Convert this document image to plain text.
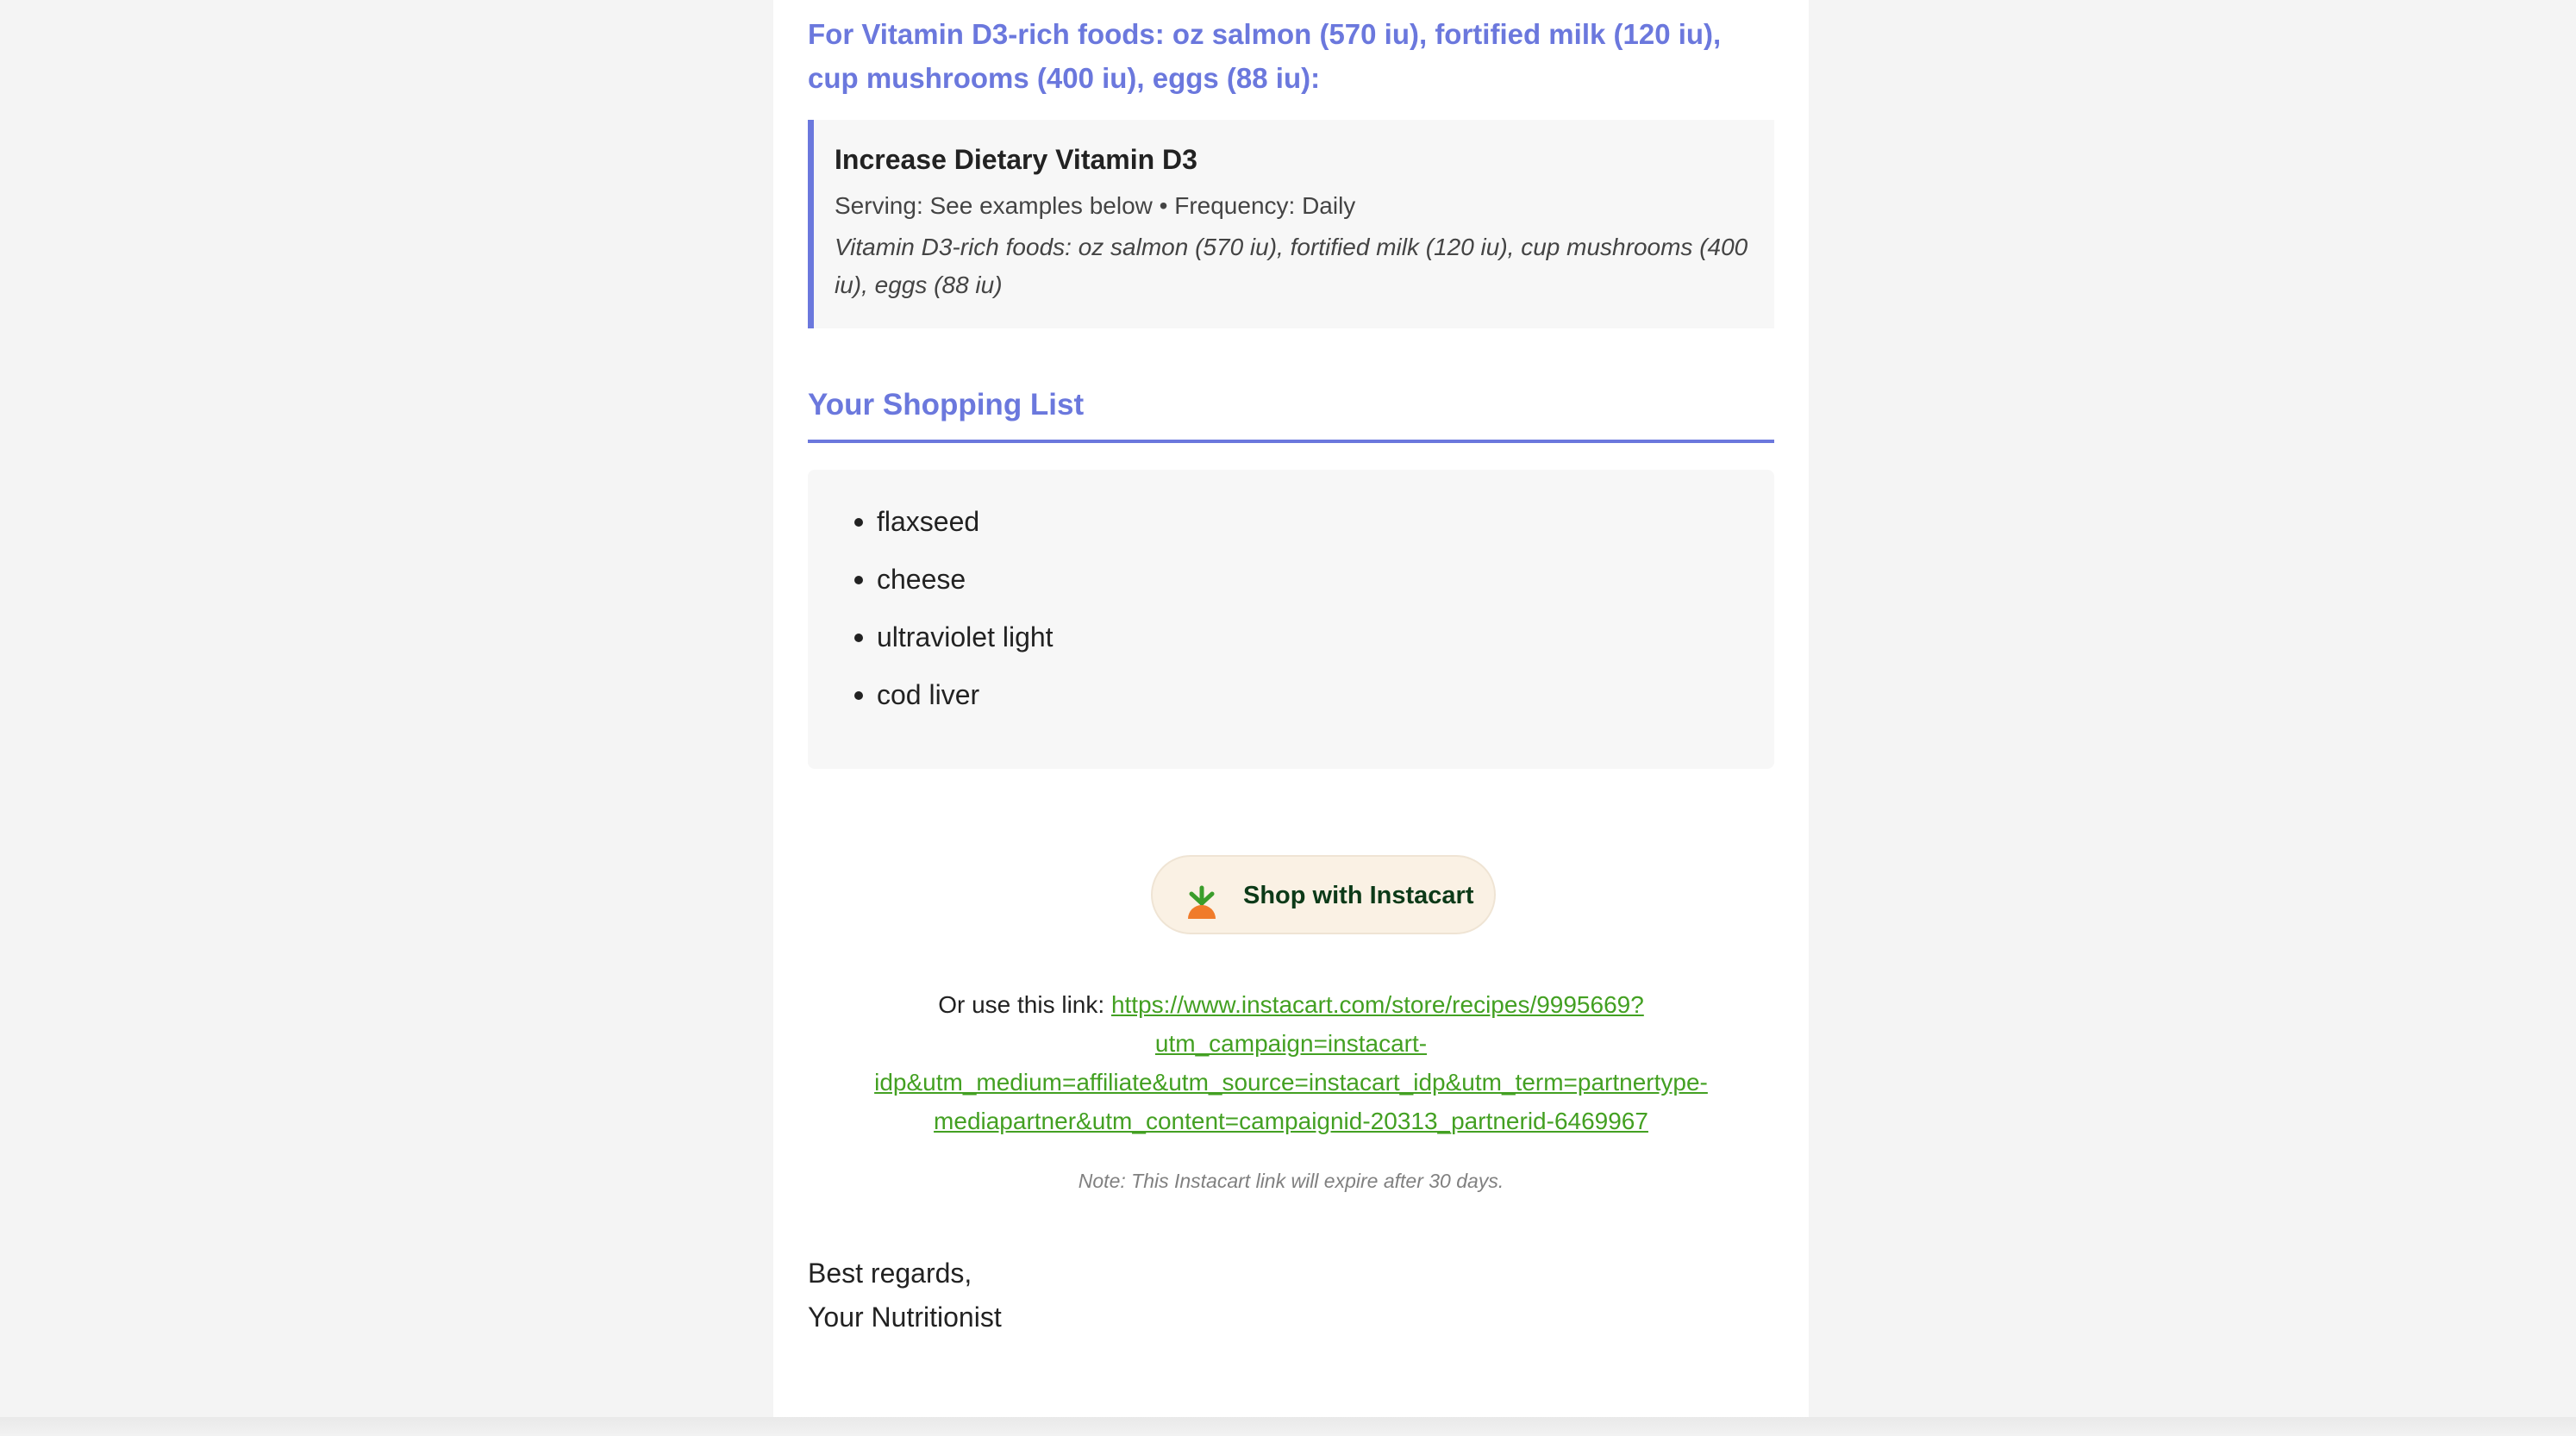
For Vitamin D3-rich foods: oz salmon (570 iu), fortified milk (120 iu), cup mushrooms (400 iu), eggs (88 iu):
Increase Dietary Vitamin D3
Serving: See examples below • Frequency: Daily
Vitamin D3-rich foods: oz salmon (570 iu), fortified milk (120 iu), cup mushrooms (400 iu), eggs (88 iu)
Your Shopping List
flaxseed
cheese
ultraviolet light
cod liver
Shop with Instacart
Or use this link: https://www.instacart.com/store/recipes/9995669?utm_campaign=instacart-idp&utm_medium=affiliate&utm_source=instacart_idp&utm_term=partnertype-mediapartner&utm_content=campaignid-20313_partnerid-6469967
Note: This Instacart link will expire after 30 days.
Best regards,
Your Nutritionist
